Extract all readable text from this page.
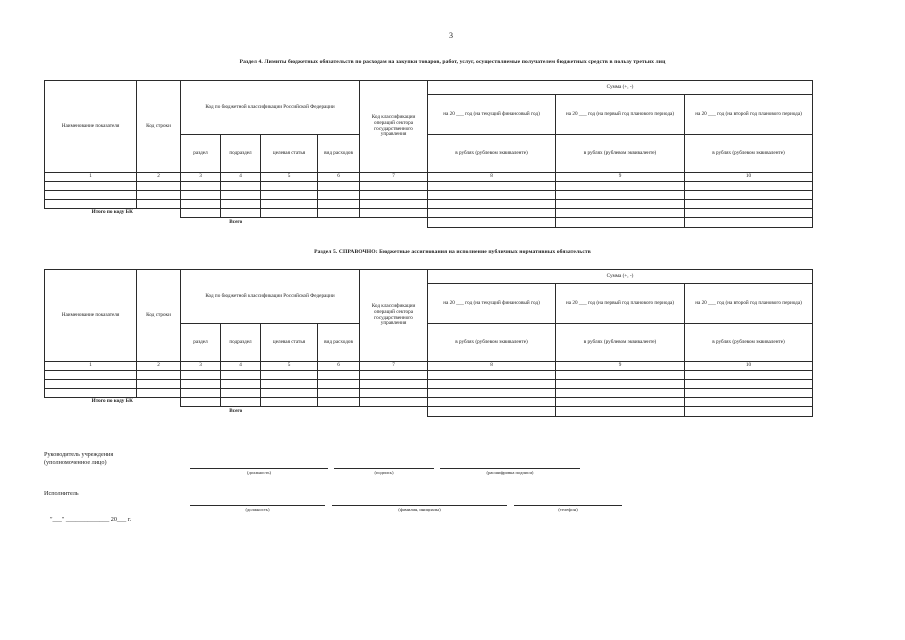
3
Раздел 4. Лимиты бюджетных обязательств по расходам на закупки товаров, работ, услуг, осуществляемые получателем бюджетных средств в пользу третьих лиц
Наименование показателя	Код строки	Код по бюджетной классификации Российской Федерации				Код классификации операций сектора государственного управления	Сумма (+, -)		
							на 20 ___ год (на текущий финансовый год)	на 20 ___ год (на первый год планового периода)	на 20 ___ год (на второй год планового периода)
		раздел	подраздел	целевая статья	вид расходов		в рублях (рублевом эквиваленте)	в рублях (рублевом эквиваленте)	в рублях (рублевом эквиваленте)
1	2	3	4	5	6	7	8	9	10

Итого по коду БК									
Всего									
Раздел 5. СПРАВОЧНО: Бюджетные ассигнования на исполнение публичных нормативных обязательств
Наименование показателя	Код строки	Код по бюджетной классификации Российской Федерации				Код классификации операций сектора государственного управления	Сумма (+, -)		
							на 20 ___ год (на текущий финансовый год)	на 20 ___ год (на первый год планового периода)	на 20 ___ год (на второй год планового периода)
		раздел	подраздел	целевая статья	вид расходов		в рублях (рублевом эквиваленте)	в рублях (рублевом эквиваленте)	в рублях (рублевом эквиваленте)
1	2	3	4	5	6	7	8	9	10

Итого по коду БК									
Всего									
Руководитель учреждения
(уполномоченное лицо)
(должность)	(подпись)	(расшифровка подписи)
Исполнитель
(должность)	(фамилия, инициалы)	(телефон)
"___" ______________ 20___ г.
